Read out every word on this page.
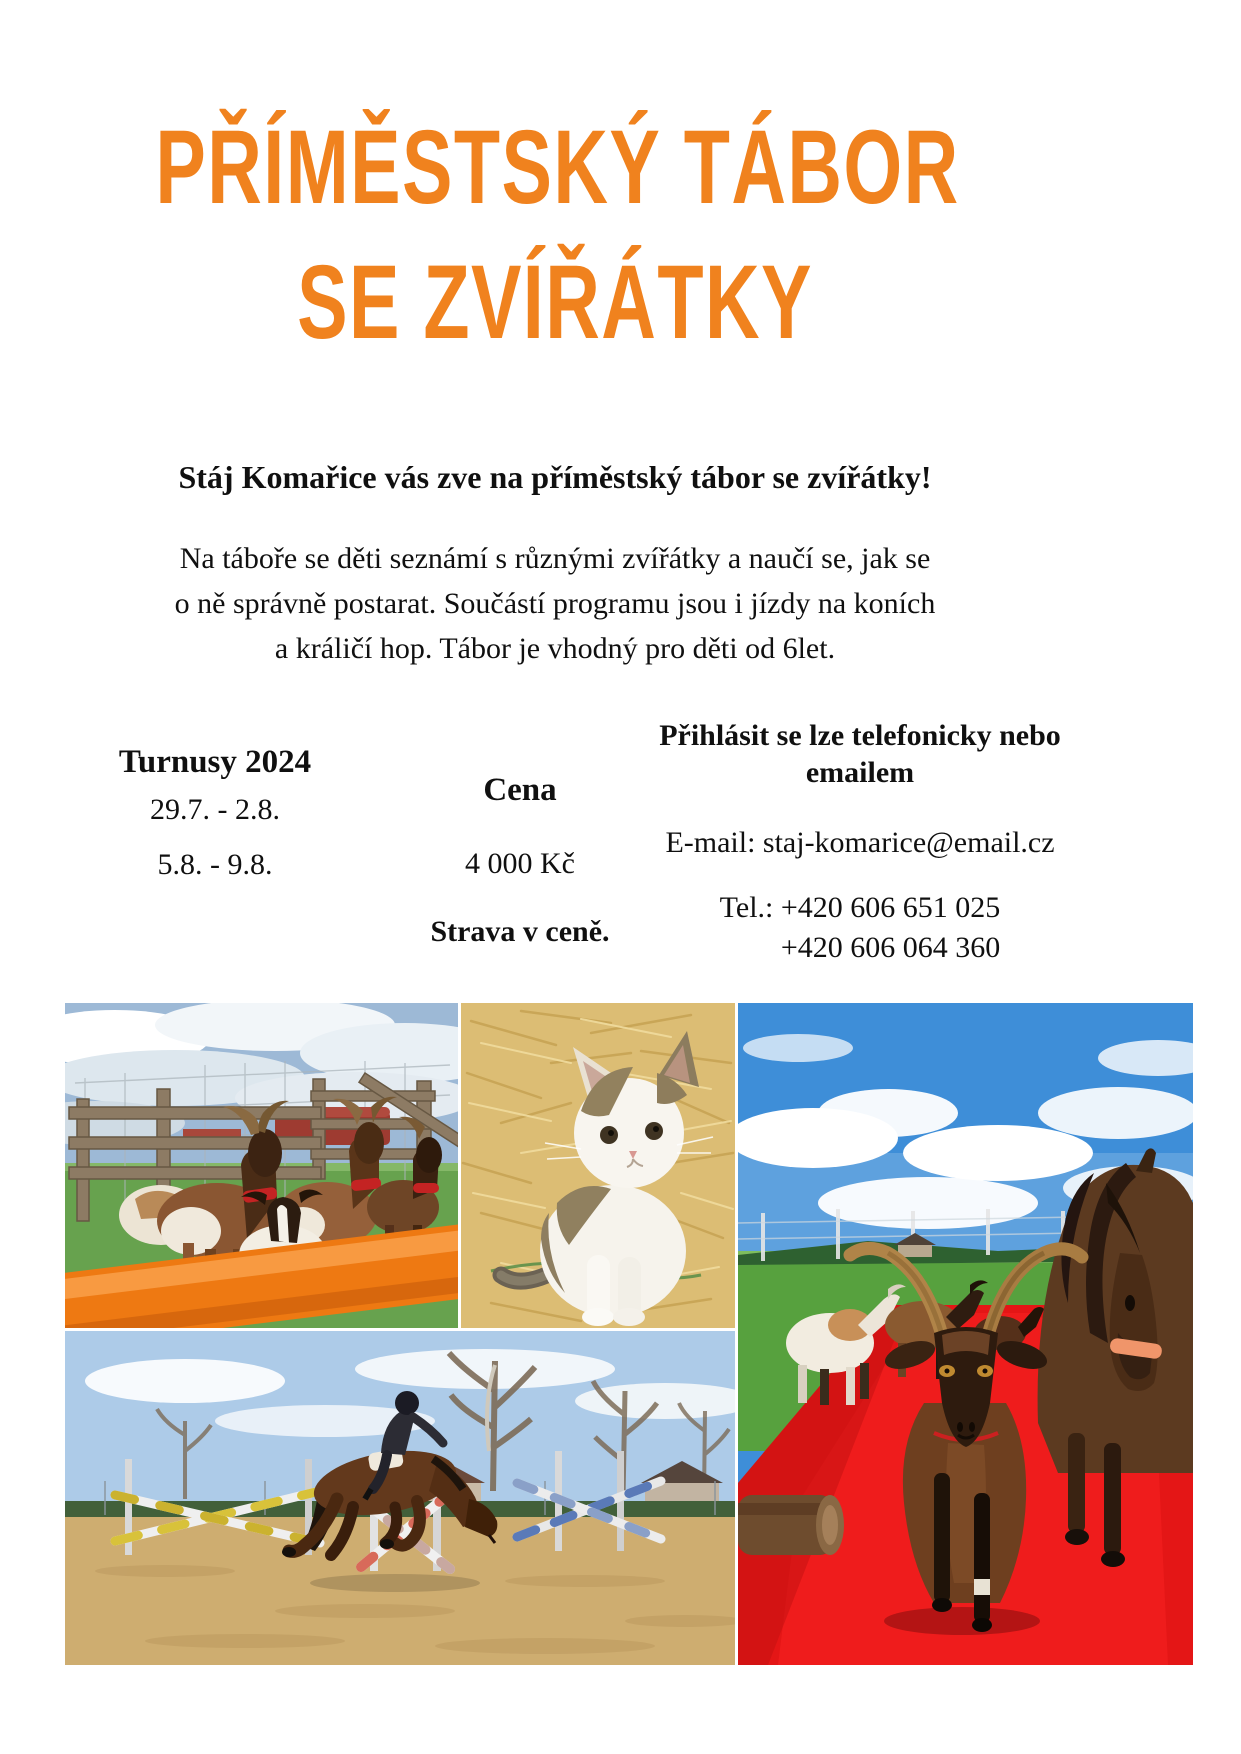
PŘÍMĚSTSKÝ TÁBOR
SE ZVÍŘÁTKY
Stáj Komařice vás zve na příměstský tábor se zvířátky!

Na táboře se děti seznámí s různými zvířátky a naučí se, jak se
o ně správně postarat. Součástí programu jsou i jízdy na koních
a králičí hop. Tábor je vhodný pro děti od 6let.

Turnusy 2024
29.7. - 2.8.
5.8. - 9.8.
Cena
4 000 Kč
Strava v ceně.
Přihlásit se lze telefonicky nebo emailem
E-mail: staj-komarice@email.cz
Tel.: +420 606 651 025
+420 606 064 360
